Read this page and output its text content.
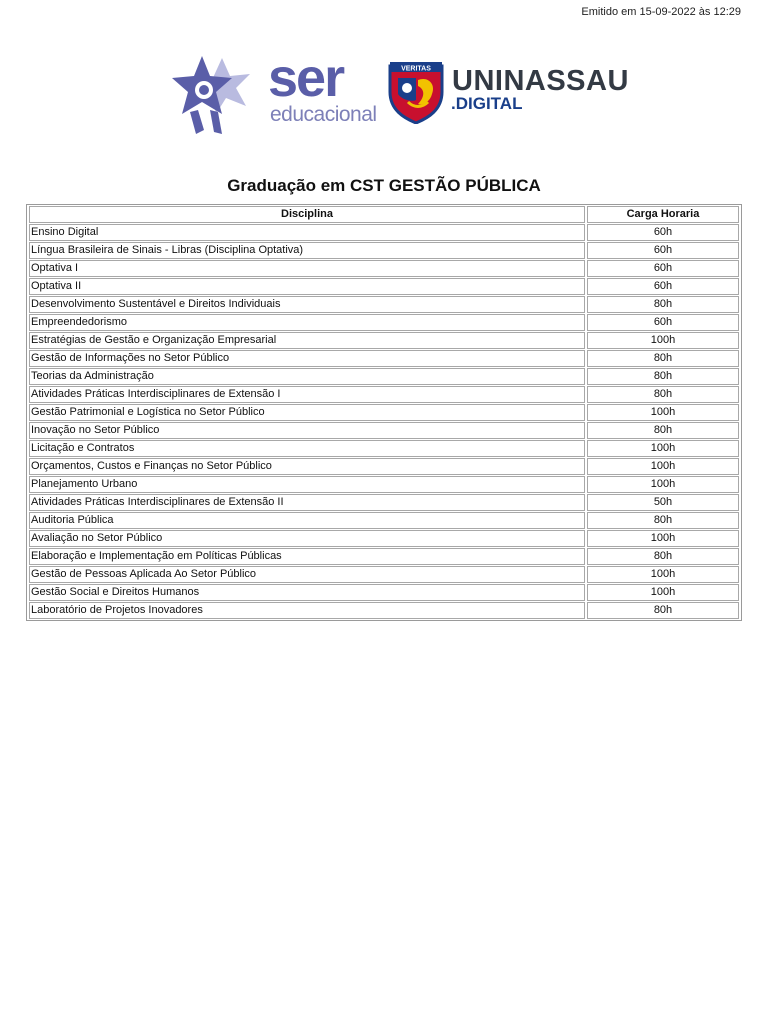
Emitido em 15-09-2022 às 12:29
ser
educacional
VERITAS UNINASSAU
.DIGITAL
Graduação em CST GESTÃO PÚBLICA
Disciplina	Carga Horaria
Ensino Digital	60h
Língua Brasileira de Sinais - Libras (Disciplina Optativa)	60h
Optativa I	60h
Optativa II	60h
Desenvolvimento Sustentável e Direitos Individuais	80h
Empreendedorismo	60h
Estratégias de Gestão e Organização Empresarial	100h
Gestão de Informações no Setor Público	80h
Teorias da Administração	80h
Atividades Práticas Interdisciplinares de Extensão I	80h
Gestão Patrimonial e Logística no Setor Público	100h
Inovação no Setor Público	80h
Licitação e Contratos	100h
Orçamentos, Custos e Finanças no Setor Público	100h
Planejamento Urbano	100h
Atividades Práticas Interdisciplinares de Extensão II	50h
Auditoria Pública	80h
Avaliação no Setor Público	100h
Elaboração e Implementação em Políticas Públicas	80h
Gestão de Pessoas Aplicada Ao Setor Público	100h
Gestão Social e Direitos Humanos	100h
Laboratório de Projetos Inovadores	80h
